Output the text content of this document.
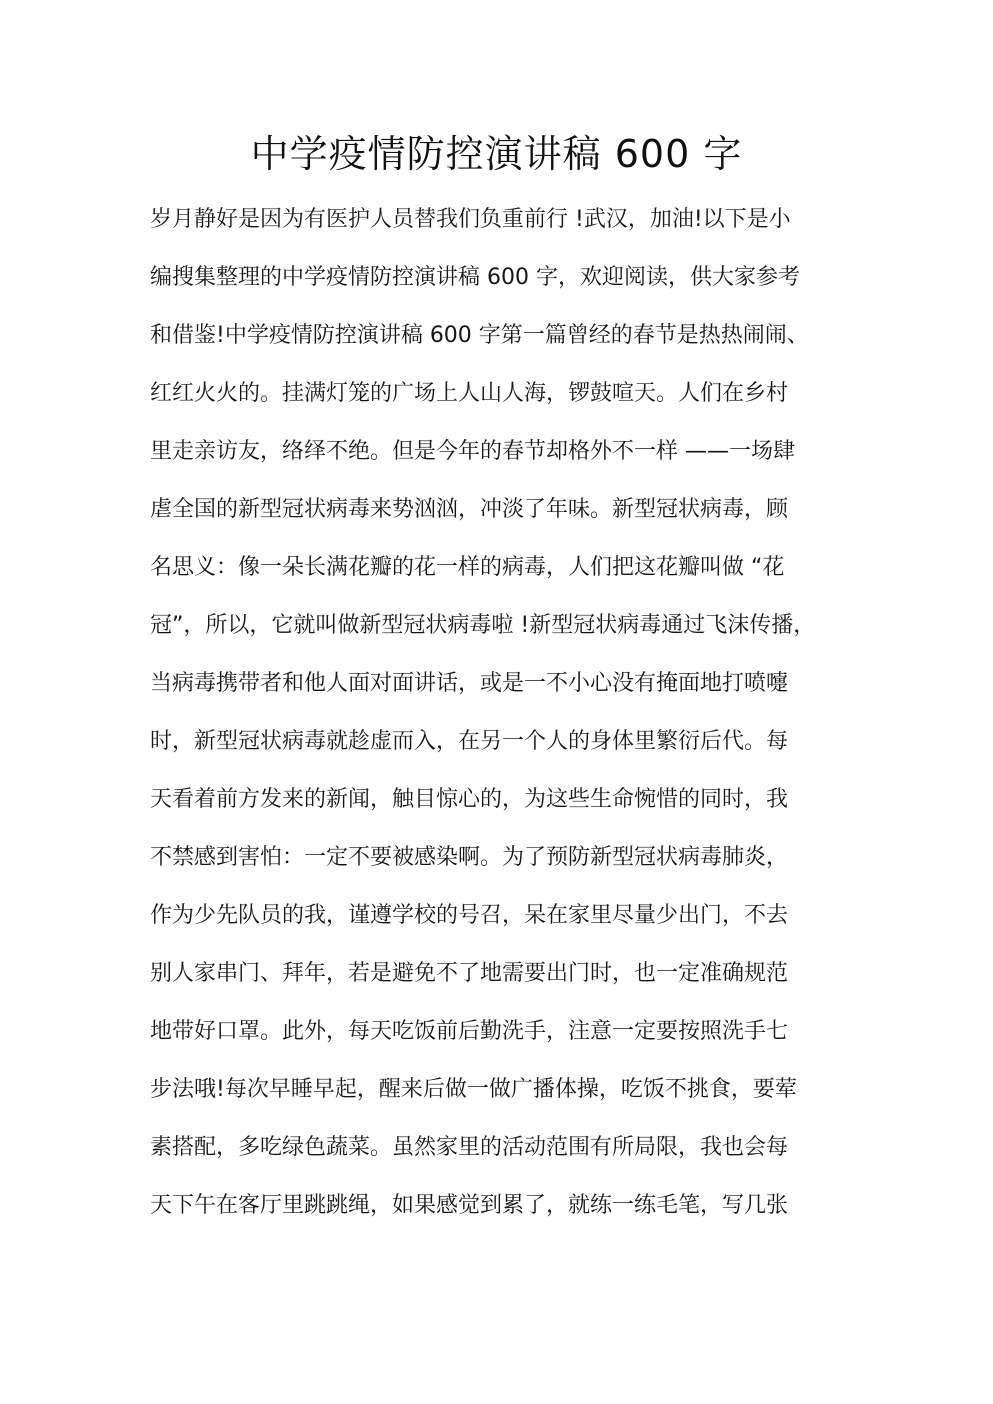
中学疫情防控演讲稿 600 字
岁月静好是因为有医护人员替我们负重前行 !武汉，加油!以下是小
编搜集整理的中学疫情防控演讲稿 600 字，欢迎阅读，供大家参考
和借鉴!中学疫情防控演讲稿 600 字第一篇曾经的春节是热热闹闹、
红红火火的。挂满灯笼的广场上人山人海，锣鼓喧天。人们在乡村
里走亲访友，络绎不绝。但是今年的春节却格外不一样 ——一场肆
虐全国的新型冠状病毒来势汹汹，冲淡了年味。新型冠状病毒，顾
名思义：像一朵长满花瓣的花一样的病毒，人们把这花瓣叫做 “花
冠”，所以，它就叫做新型冠状病毒啦 !新型冠状病毒通过飞沫传播，
当病毒携带者和他人面对面讲话，或是一不小心没有掩面地打喷嚏
时，新型冠状病毒就趁虚而入，在另一个人的身体里繁衍后代。每
天看着前方发来的新闻，触目惊心的，为这些生命惋惜的同时，我
不禁感到害怕：一定不要被感染啊。为了预防新型冠状病毒肺炎，
作为少先队员的我，谨遵学校的号召，呆在家里尽量少出门，不去
别人家串门、拜年，若是避免不了地需要出门时，也一定准确规范
地带好口罩。此外，每天吃饭前后勤洗手，注意一定要按照洗手七
步法哦!每次早睡早起，醒来后做一做广播体操，吃饭不挑食，要荤
素搭配，多吃绿色蔬菜。虽然家里的活动范围有所局限，我也会每
天下午在客厅里跳跳绳，如果感觉到累了，就练一练毛笔，写几张
